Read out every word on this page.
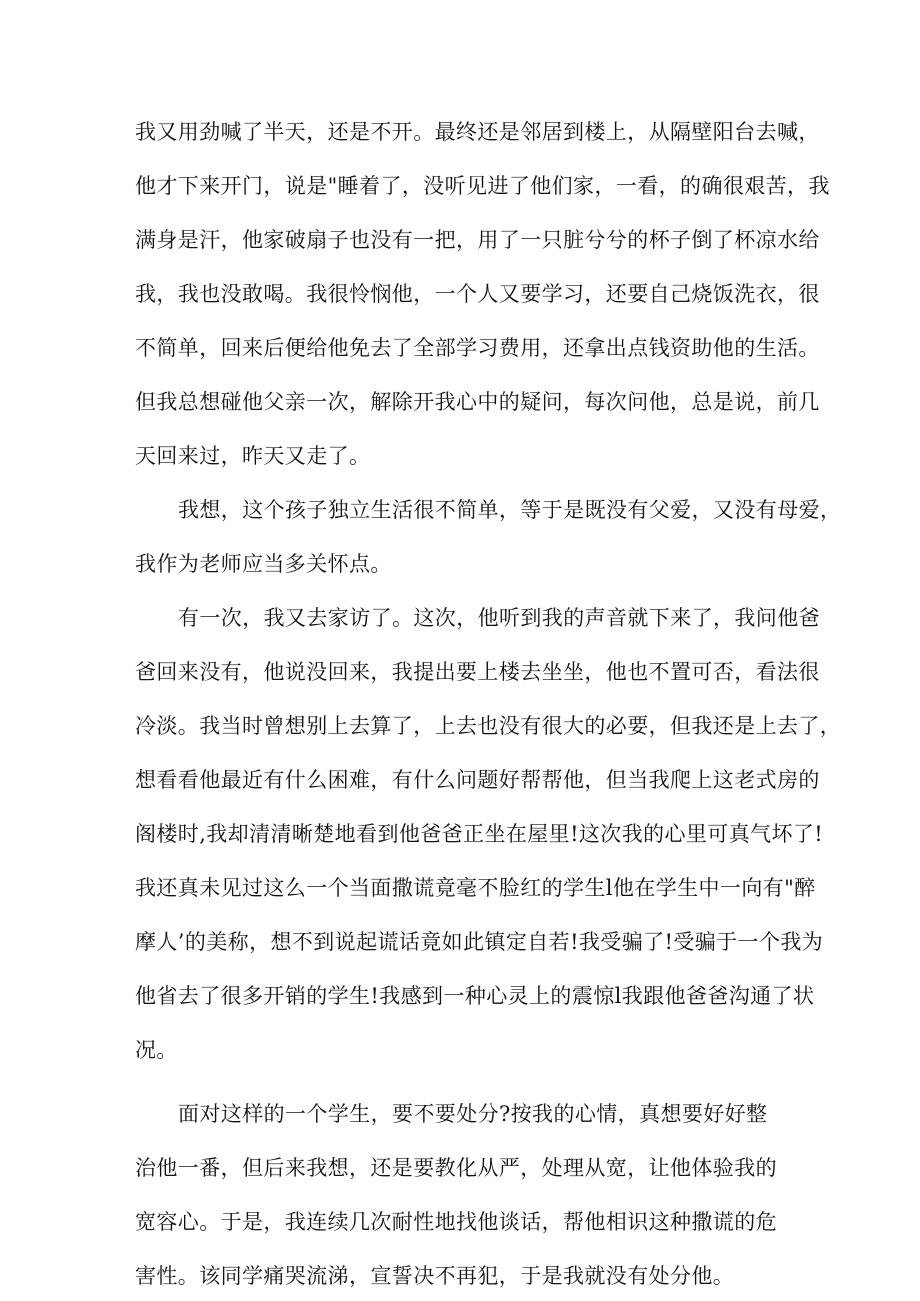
我又用劲喊了半天，还是不开。最终还是邻居到楼上，从隔壁阳台去喊，

他才下来开门，说是"睡着了，没听见进了他们家，一看，的确很艰苦，我

满身是汗，他家破扇子也没有一把，用了一只脏兮兮的杯子倒了杯凉水给

我，我也没敢喝。我很怜悯他，一个人又要学习，还要自己烧饭洗衣，很

不简单，回来后便给他免去了全部学习费用，还拿出点钱资助他的生活。

但我总想碰他父亲一次，解除开我心中的疑问，每次问他，总是说，前几

天回来过，昨天又走了。

我想，这个孩子独立生活很不简单，等于是既没有父爱，又没有母爱，

我作为老师应当多关怀点。

有一次，我又去家访了。这次，他听到我的声音就下来了，我问他爸

爸回来没有，他说没回来，我提出要上楼去坐坐，他也不置可否，看法很

冷淡。我当时曾想别上去算了，上去也没有很大的必要，但我还是上去了，

想看看他最近有什么困难，有什么问题好帮帮他，但当我爬上这老式房的

阁楼时,我却清清晰楚地看到他爸爸正坐在屋里!这次我的心里可真气坏了!

我还真未见过这么一个当面撒谎竟毫不脸红的学生l他在学生中一向有"醉

摩人’的美称，想不到说起谎话竟如此镇定自若!我受骗了!受骗于一个我为

他省去了很多开销的学生!我感到一种心灵上的震惊l我跟他爸爸沟通了状

况。

面对这样的一个学生，要不要处分?按我的心情，真想要好好整

治他一番，但后来我想，还是要教化从严，处理从宽，让他体验我的

宽容心。于是，我连续几次耐性地找他谈话，帮他相识这种撒谎的危

害性。该同学痛哭流涕，宣誓决不再犯，于是我就没有处分他。
